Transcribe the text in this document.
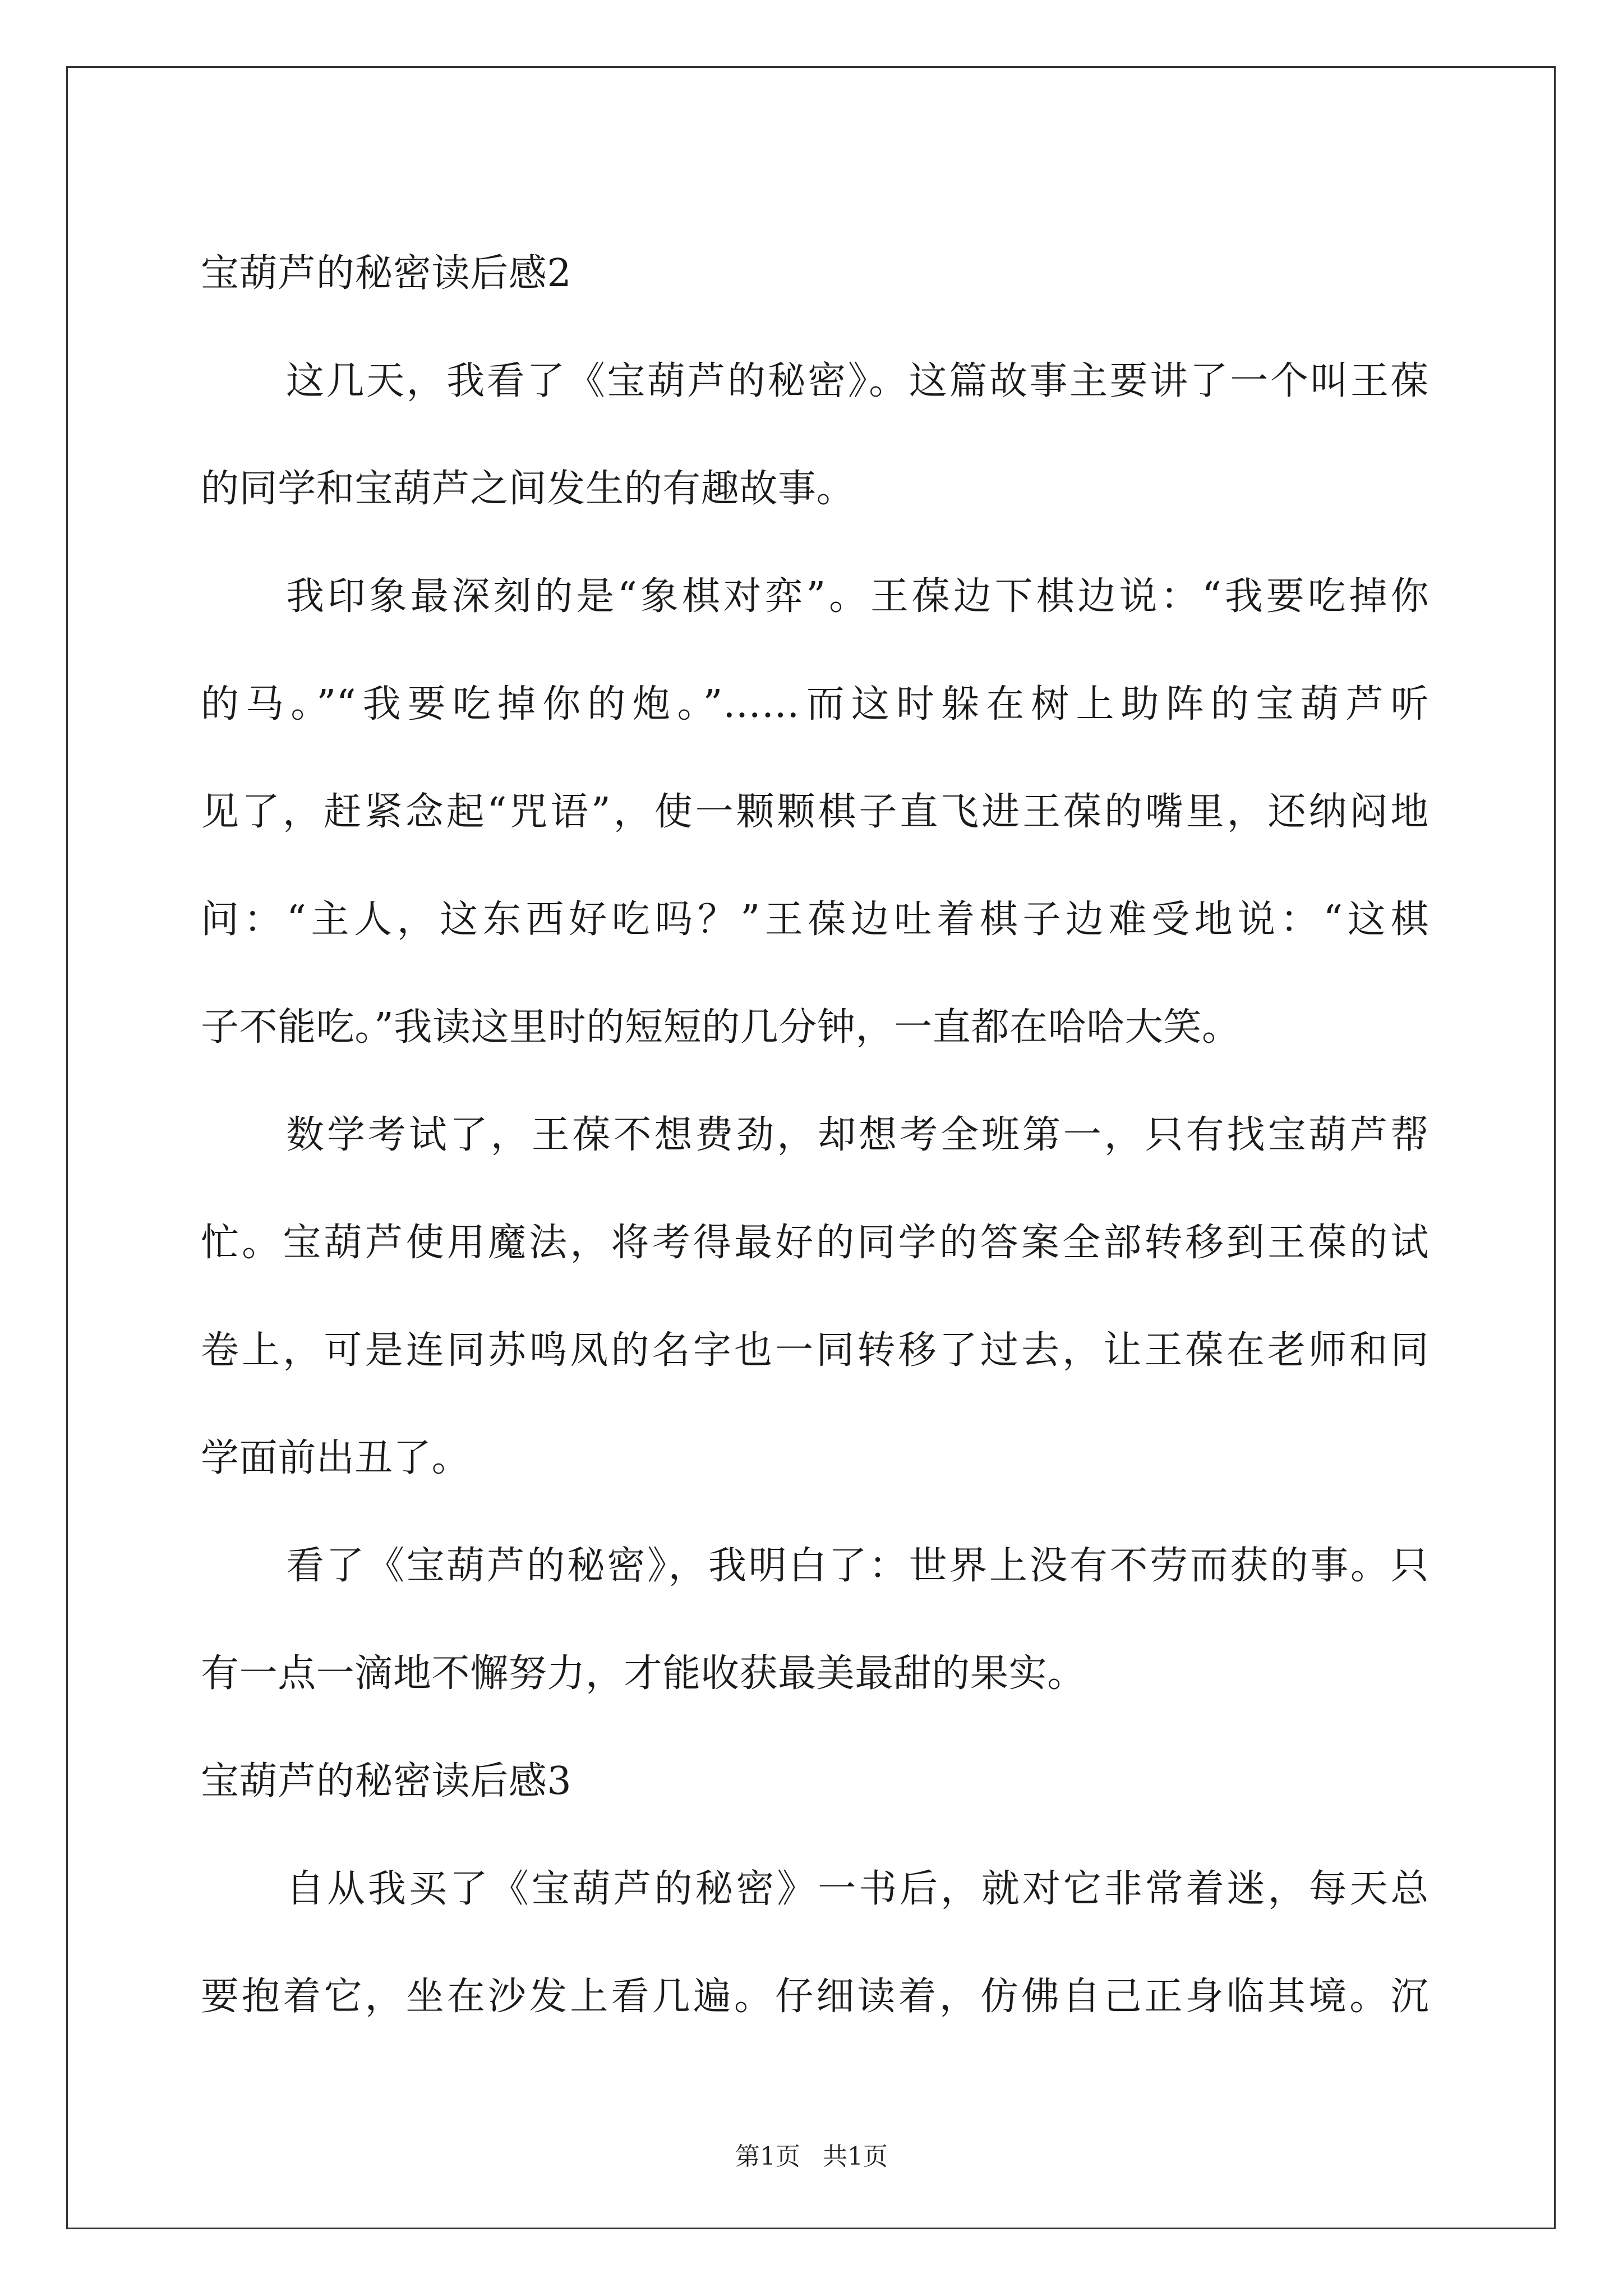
宝葫芦的秘密读后感2
这几天，我看了《宝葫芦的秘密》。这篇故事主要讲了一个叫王葆
的同学和宝葫芦之间发生的有趣故事。
我印象最深刻的是“象棋对弈”。王葆边下棋边说：“我要吃掉你
的马。”“我要吃掉你的炮。”……而这时躲在树上助阵的宝葫芦听
见了，赶紧念起“咒语”，使一颗颗棋子直飞进王葆的嘴里，还纳闷地
问：“主人，这东西好吃吗？”王葆边吐着棋子边难受地说：“这棋
子不能吃。”我读这里时的短短的几分钟，一直都在哈哈大笑。
数学考试了，王葆不想费劲，却想考全班第一，只有找宝葫芦帮
忙。宝葫芦使用魔法，将考得最好的同学的答案全部转移到王葆的试
卷上，可是连同苏鸣凤的名字也一同转移了过去，让王葆在老师和同
学面前出丑了。
看了《宝葫芦的秘密》，我明白了：世界上没有不劳而获的事。只
有一点一滴地不懈努力，才能收获最美最甜的果实。
宝葫芦的秘密读后感3
自从我买了《宝葫芦的秘密》一书后，就对它非常着迷，每天总
要抱着它，坐在沙发上看几遍。仔细读着，仿佛自己正身临其境。沉
第1页 共1页
